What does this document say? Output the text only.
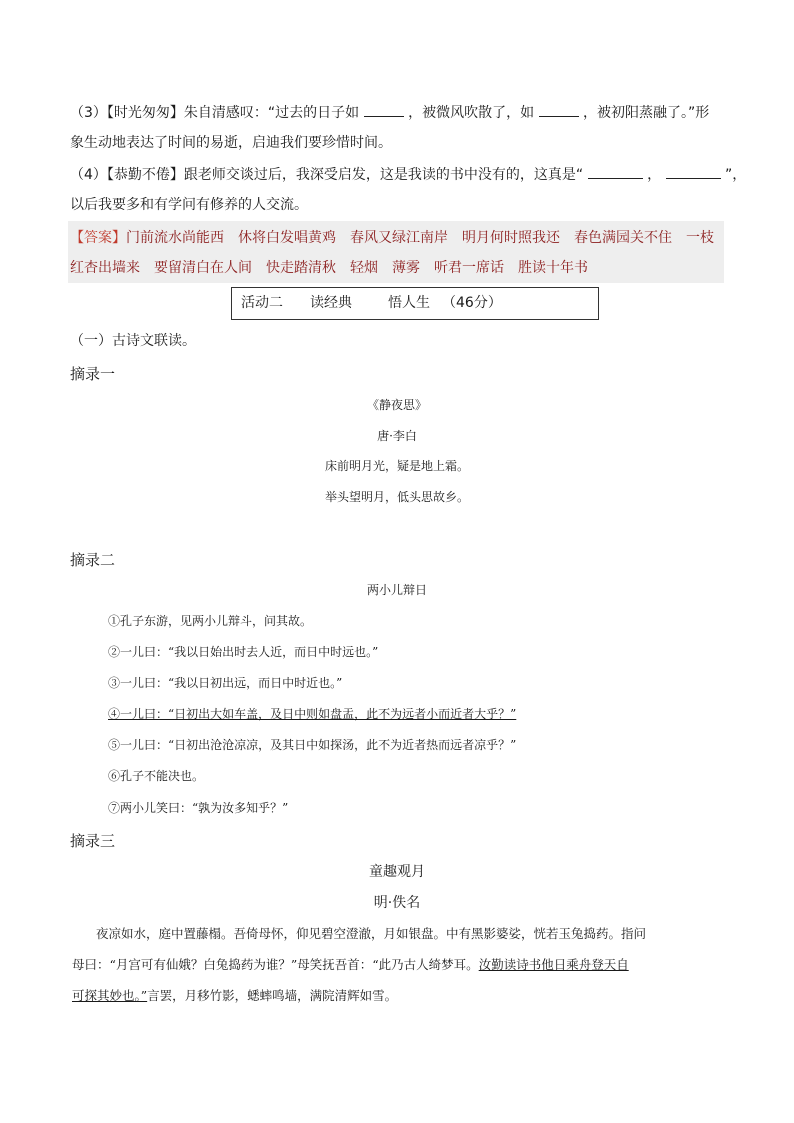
（3）【时光匆匆】朱自清感叹：“过去的日子如	，被微风吹散了，如	，被初阳蒸融了。”形
象生动地表达了时间的易逝，启迪我们要珍惜时间。
（4）【恭勤不倦】跟老师交谈过后，我深受启发，这是我读的书中没有的，这真是“	，	”，
以后我要多和有学问有修养的人交流。
【答案】门前流水尚能西 休将白发唱黄鸡 春风又绿江南岸 明月何时照我还 春色满园关不住 一枝
红杏出墙来 要留清白在人间 快走踏清秋 轻烟 薄雾 听君一席话 胜读十年书
活动二 读经典	悟人生 （46分）
（一）古诗文联读。
摘录一
《静夜思》
唐·李白
床前明月光，疑是地上霜。
举头望明月，低头思故乡。
摘录二
两小儿辩日
①孔子东游，见两小儿辩斗，问其故。
②一儿曰：“我以日始出时去人近，而日中时远也。”
③一儿曰：“我以日初出远，而日中时近也。”
④一儿曰：“日初出大如车盖，及日中则如盘盂，此不为远者小而近者大乎？”
⑤一儿曰：“日初出沧沧凉凉，及其日中如探汤，此不为近者热而远者凉乎？”
⑥孔子不能决也。
⑦两小儿笑曰：“孰为汝多知乎？”
摘录三
童趣观月
明·佚名
夜凉如水，庭中置藤榻。吾倚母怀，仰见碧空澄澈，月如银盘。中有黑影婆娑，恍若玉兔捣药。指问
母曰：“月宫可有仙娥？白兔捣药为谁？”母笑抚吾首：“此乃古人绮梦耳。汝勤读诗书他日乘舟登天自
可探其妙也。”言罢，月移竹影，蟋蟀鸣墙，满院清辉如雪。
